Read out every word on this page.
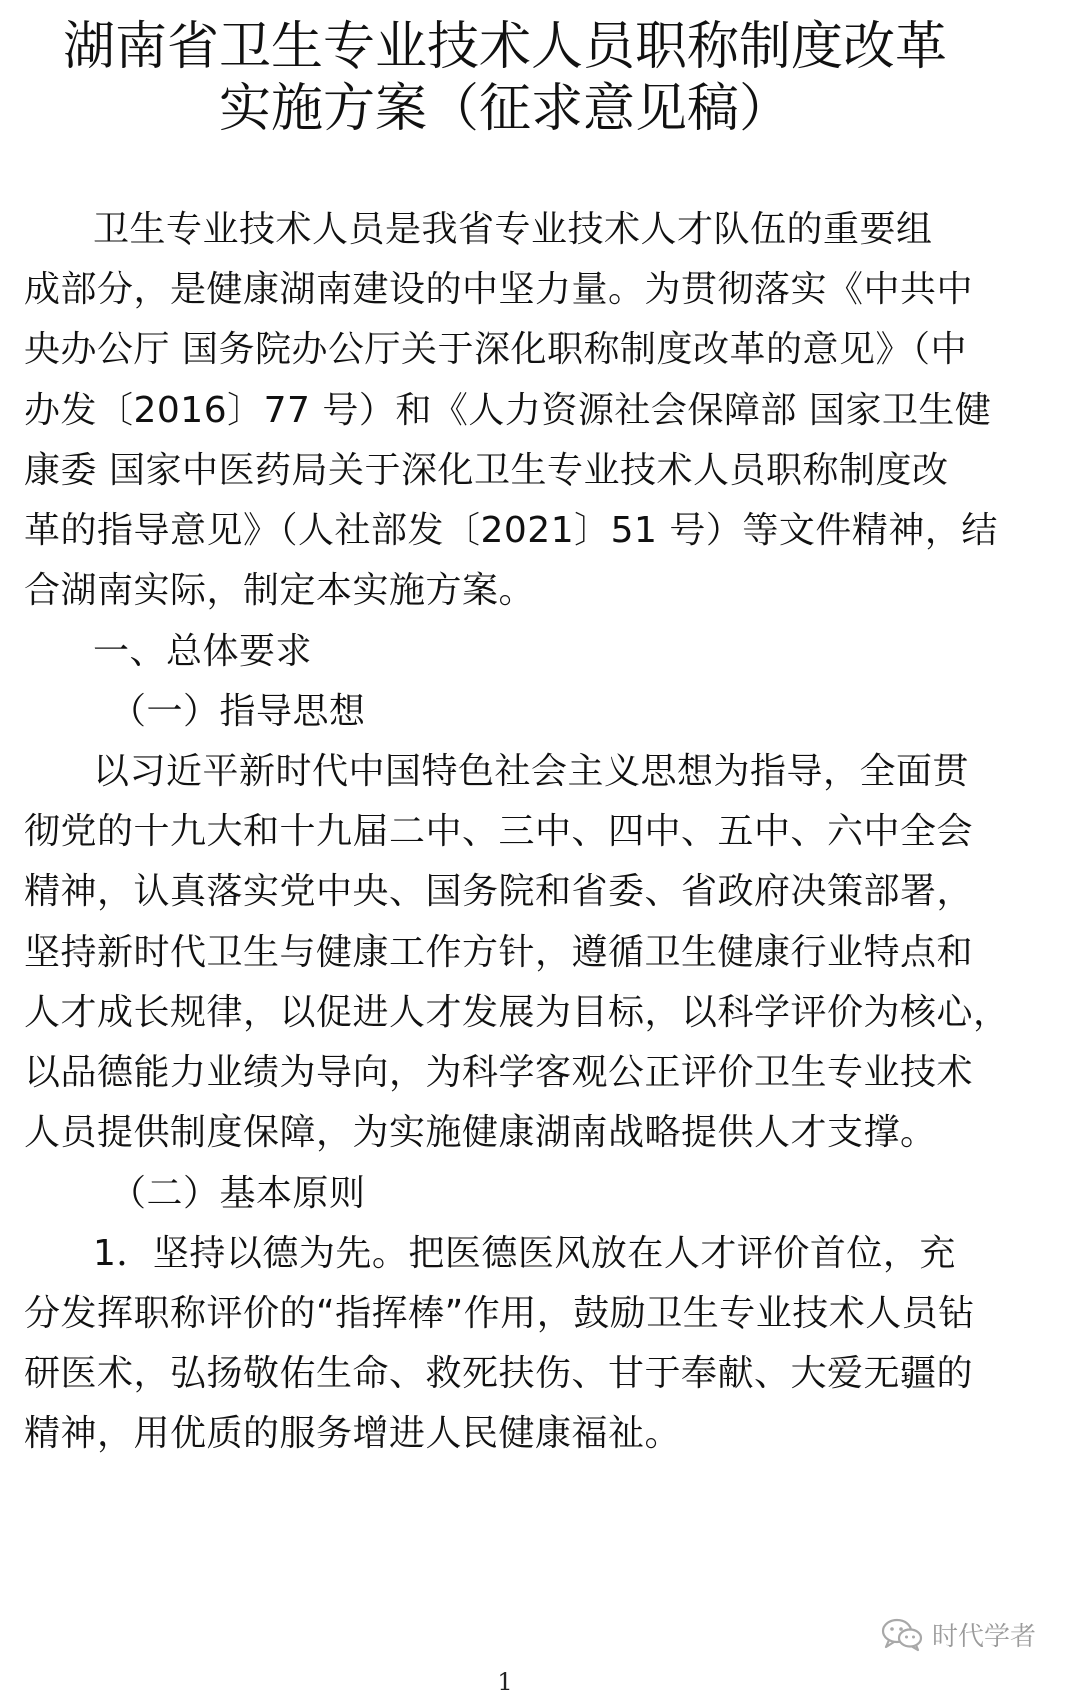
湖南省卫生专业技术人员职称制度改革
实施方案（征求意见稿）
卫生专业技术人员是我省专业技术人才队伍的重要组
成部分，是健康湖南建设的中坚力量。为贯彻落实《中共中
央办公厅 国务院办公厅关于深化职称制度改革的意见》（中
办发〔2016〕77 号）和《人力资源社会保障部 国家卫生健
康委 国家中医药局关于深化卫生专业技术人员职称制度改
革的指导意见》（人社部发〔2021〕51 号）等文件精神，结
合湖南实际，制定本实施方案。
一、总体要求
（一）指导思想
以习近平新时代中国特色社会主义思想为指导，全面贯
彻党的十九大和十九届二中、三中、四中、五中、六中全会
精神，认真落实党中央、国务院和省委、省政府决策部署，
坚持新时代卫生与健康工作方针，遵循卫生健康行业特点和
人才成长规律，以促进人才发展为目标，以科学评价为核心，
以品德能力业绩为导向，为科学客观公正评价卫生专业技术
人员提供制度保障，为实施健康湖南战略提供人才支撑。
（二）基本原则
1．坚持以德为先。把医德医风放在人才评价首位，充
分发挥职称评价的“指挥棒”作用，鼓励卫生专业技术人员钻
研医术，弘扬敬佑生命、救死扶伤、甘于奉献、大爱无疆的
精神，用优质的服务增进人民健康福祉。
时代学者
1
